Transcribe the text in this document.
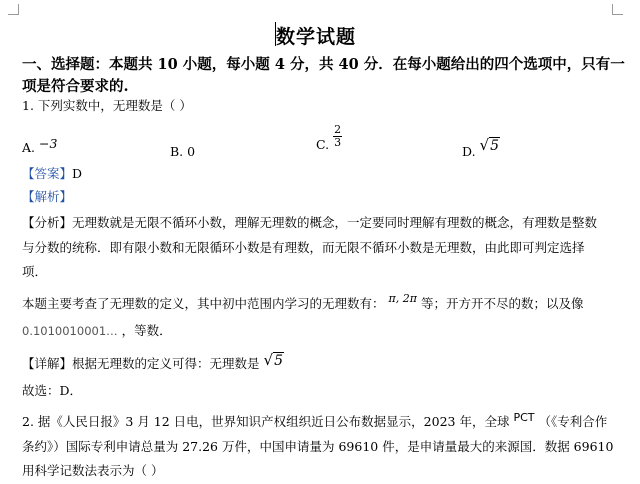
数学试题
一、选择题：本题共 10 小题，每小题 4 分，共 40 分．在每小题给出的四个选项中，只有一
项是符合要求的.
1. 下列实数中，无理数是（ ）
A. −3
B. 0	C. $\frac{2}{3}$
D. √5
【答案】D
【解析】
【分析】无理数就是无限不循环小数，理解无理数的概念，一定要同时理解有理数的概念，有理数是整数
与分数的统称．即有限小数和无限循环小数是有理数，而无限不循环小数是无理数，由此即可判定选择
项．
本题主要考查了无理数的定义，其中初中范围内学习的无理数有： π, 2π 等；开方开不尽的数；以及像
0.1010010001… ，等数．
【详解】根据无理数的定义可得：无理数是 √5
故选：D．
2. 据《人民日报》3 月 12 日电，世界知识产权组织近日公布数据显示，2023 年，全球 PCT （《专利合作
条约》）国际专利申请总量为 27.26 万件，中国申请量为 69610 件，是申请量最大的来源国．数据 69610
用科学记数法表示为（ ）
